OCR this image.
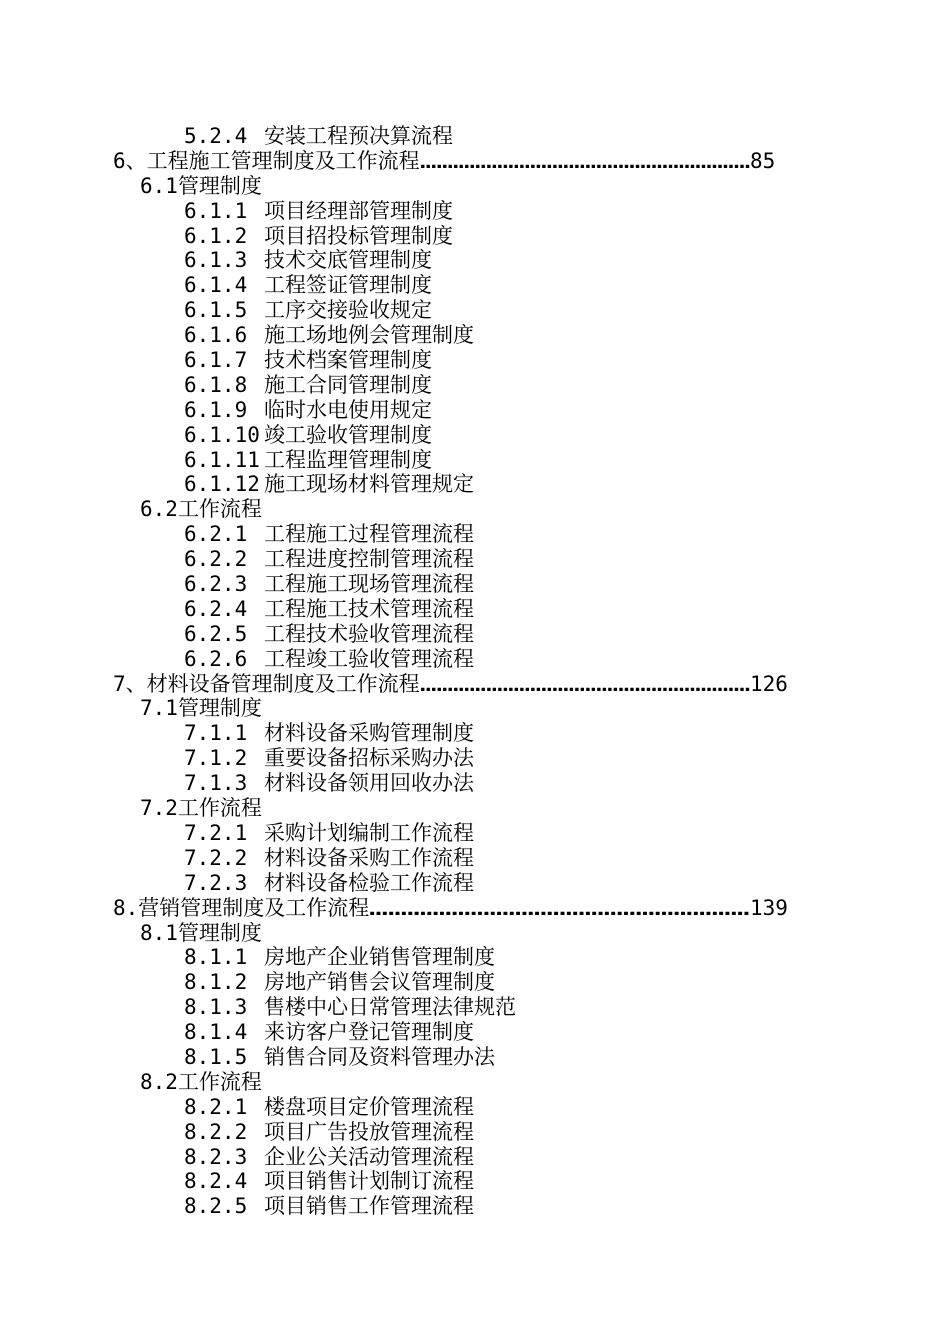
5.2.4 安装工程预决算流程
6、工程施工管理制度及工作流程…………………………………………………… 85
6.1管理制度
6.1.1 项目经理部管理制度
6.1.2 项目招投标管理制度
6.1.3 技术交底管理制度
6.1.4 工程签证管理制度
6.1.5 工序交接验收规定
6.1.6 施工场地例会管理制度
6.1.7 技术档案管理制度
6.1.8 施工合同管理制度
6.1.9 临时水电使用规定
6.1.10 竣工验收管理制度
6.1.11 工程监理管理制度
6.1.12 施工现场材料管理规定
6.2工作流程
6.2.1 工程施工过程管理流程
6.2.2 工程进度控制管理流程
6.2.3 工程施工现场管理流程
6.2.4 工程施工技术管理流程
6.2.5 工程技术验收管理流程
6.2.6 工程竣工验收管理流程
7、材料设备管理制度及工作流程…………………………………………………… 126
7.1管理制度
7.1.1 材料设备采购管理制度
7.1.2 重要设备招标采购办法
7.1.3 材料设备领用回收办法
7.2工作流程
7.2.1 采购计划编制工作流程
7.2.2 材料设备采购工作流程
7.2.3 材料设备检验工作流程
8.营销管理制度及工作流程…………………………………………………… 139
8.1管理制度
8.1.1 房地产企业销售管理制度
8.1.2 房地产销售会议管理制度
8.1.3 售楼中心日常管理法律规范
8.1.4 来访客户登记管理制度
8.1.5 销售合同及资料管理办法
8.2工作流程
8.2.1 楼盘项目定价管理流程
8.2.2 项目广告投放管理流程
8.2.3 企业公关活动管理流程
8.2.4 项目销售计划制订流程
8.2.5 项目销售工作管理流程
